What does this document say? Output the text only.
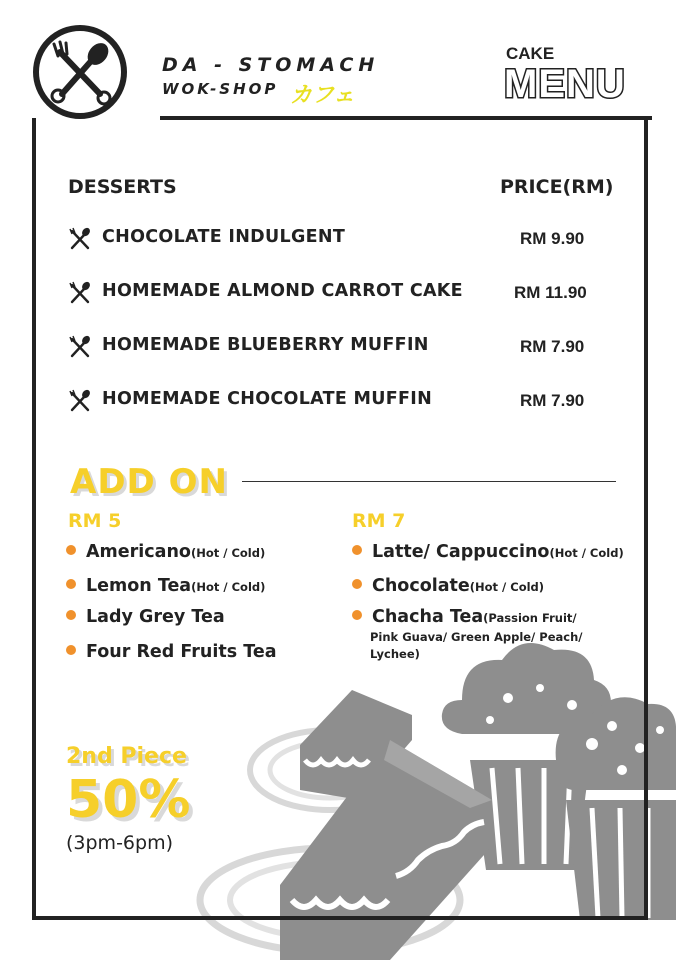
DA - STOMACH
WOK-SHOP カフェ
CAKE
MENU
DESSERTS	PRICE(RM)
CHOCOLATE INDULGENT	RM 9.90
HOMEMADE ALMOND CARROT CAKE	RM 11.90
HOMEMADE BLUEBERRY MUFFIN	RM 7.90
HOMEMADE CHOCOLATE MUFFIN	RM 7.90
ADD ON
RM 5	RM 7
Americano(Hot / Cold)
Lemon Tea(Hot / Cold)
Lady Grey Tea
Four Red Fruits Tea
Latte/ Cappuccino(Hot / Cold)
Chocolate(Hot / Cold)
Chacha Tea(Passion Fruit/
Pink Guava/ Green Apple/ Peach/
Lychee)
2nd Piece
50%
(3pm-6pm)
